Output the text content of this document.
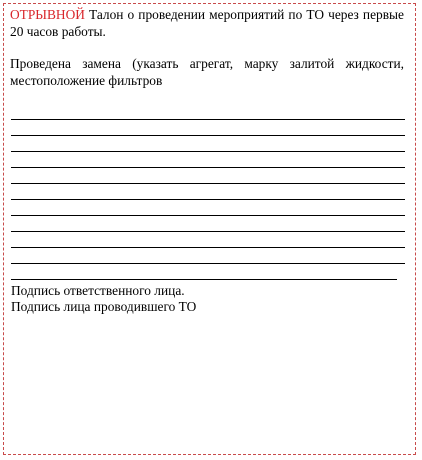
ОТРЫВНОЙ Талон о проведении мероприятий по ТО через первые 20 часов работы.

Проведена замена (указать агрегат, марку залитой жидкости, местоположение фильтров

Подпись ответственного лица.
Подпись лица проводившего ТО
